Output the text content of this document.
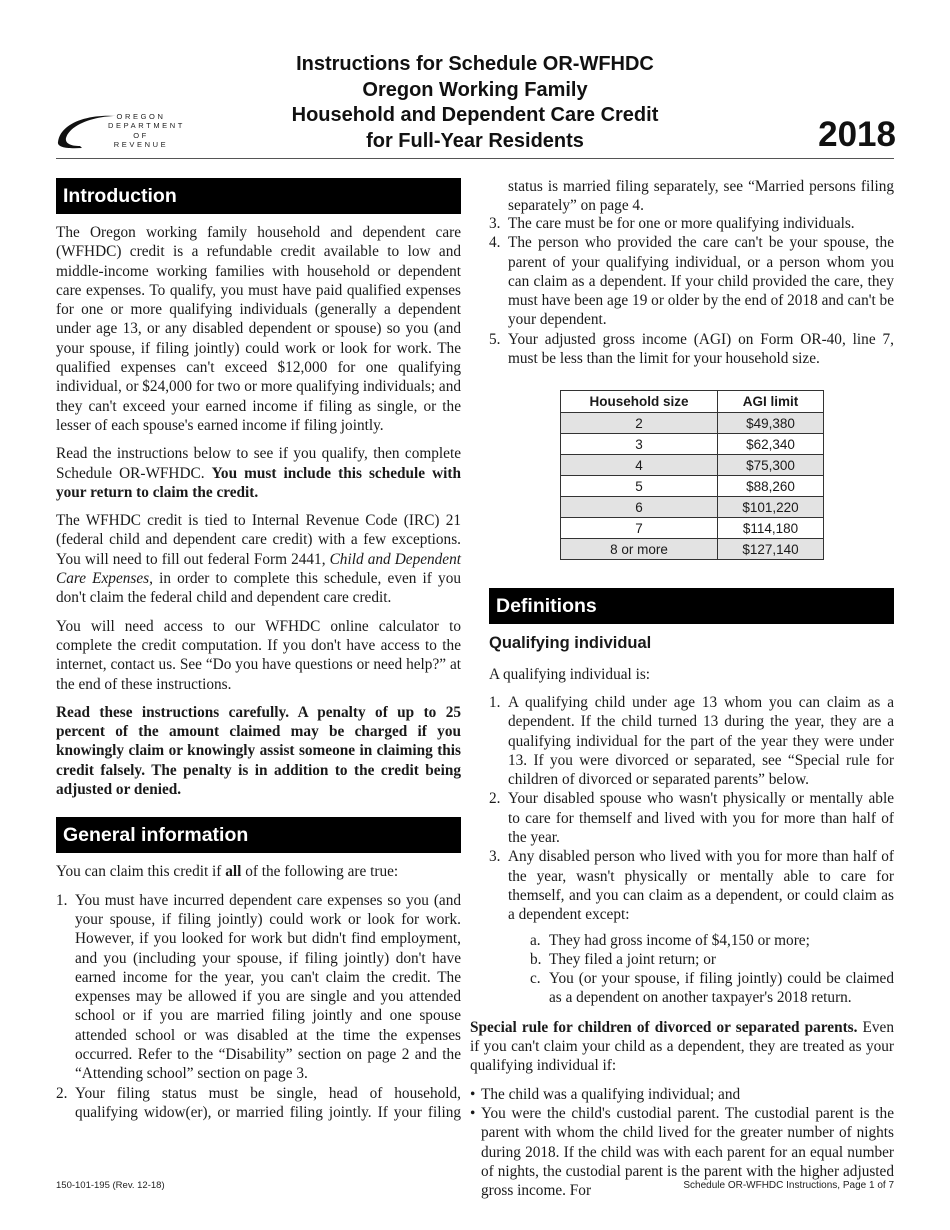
OREGON
DEPARTMENT
OF REVENUE
Instructions for Schedule OR-WFHDC
Oregon Working Family
Household and Dependent Care Credit
for Full-Year Residents	2018
Introduction

The Oregon working family household and dependent care (WFHDC) credit is a refundable credit available to low and middle-income working families with household or dependent care expenses. To qualify, you must have paid qualified expenses for one or more qualifying individuals (generally a dependent under age 13, or any disabled dependent or spouse) so you (and your spouse, if filing jointly) could work or look for work. The qualified expenses can't exceed $12,000 for one qualifying individual, or $24,000 for two or more qualifying individuals; and they can't exceed your earned income if filing as single, or the lesser of each spouse's earned income if filing jointly.

Read the instructions below to see if you qualify, then complete Schedule OR-WFHDC. You must include this schedule with your return to claim the credit.

The WFHDC credit is tied to Internal Revenue Code (IRC) 21 (federal child and dependent care credit) with a few exceptions. You will need to fill out federal Form 2441, Child and Dependent Care Expenses, in order to complete this schedule, even if you don't claim the federal child and dependent care credit.

You will need access to our WFHDC online calculator to complete the credit computation. If you don't have access to the internet, contact us. See “Do you have questions or need help?” at the end of these instructions.

Read these instructions carefully. A penalty of up to 25 percent of the amount claimed may be charged if you knowingly claim or knowingly assist someone in claiming this credit falsely. The penalty is in addition to the credit being adjusted or denied.

General information

You can claim this credit if all of the following are true:

1. You must have incurred dependent care expenses so you (and your spouse, if filing jointly) could work or look for work. However, if you looked for work but didn't find employment, and you (including your spouse, if filing jointly) don't have earned income for the year, you can't claim the credit. The expenses may be allowed if you are single and you attended school or if you are married filing jointly and one spouse attended school or was disabled at the time the expenses occurred. Refer to the “Disability” section on page 2 and the “Attending school” section on page 3.
2. Your filing status must be single, head of household, qualifying widow(er), or married filing jointly. If your filing
status is married filing separately, see “Married persons filing separately” on page 4.
3. The care must be for one or more qualifying individuals.
4. The person who provided the care can't be your spouse, the parent of your qualifying individual, or a person whom you can claim as a dependent. If your child provided the care, they must have been age 19 or older by the end of 2018 and can't be your dependent.
5. Your adjusted gross income (AGI) on Form OR-40, line 7, must be less than the limit for your household size.
Household size	AGI limit
2	$49,380
3	$62,340
4	$75,300
5	$88,260
6	$101,220
7	$114,180
8 or more	$127,140
Definitions
Qualifying individual

A qualifying individual is:

1. A qualifying child under age 13 whom you can claim as a dependent. If the child turned 13 during the year, they are a qualifying individual for the part of the year they were under 13. If you were divorced or separated, see “Special rule for children of divorced or separated parents” below.
2. Your disabled spouse who wasn't physically or mentally able to care for themself and lived with you for more than half of the year.
3. Any disabled person who lived with you for more than half of the year, wasn't physically or mentally able to care for themself, and you can claim as a dependent, or could claim as a dependent except:
a. They had gross income of $4,150 or more;
b. They filed a joint return; or
c. You (or your spouse, if filing jointly) could be claimed as a dependent on another taxpayer's 2018 return.

Special rule for children of divorced or separated parents. Even if you can't claim your child as a dependent, they are treated as your qualifying individual if:

• The child was a qualifying individual; and
• You were the child's custodial parent. The custodial parent is the parent with whom the child lived for the greater number of nights during 2018. If the child was with each parent for an equal number of nights, the custodial parent is the parent with the higher adjusted gross income. For
150-101-195 (Rev. 12-18)	Schedule OR-WFHDC Instructions, Page 1 of 7
